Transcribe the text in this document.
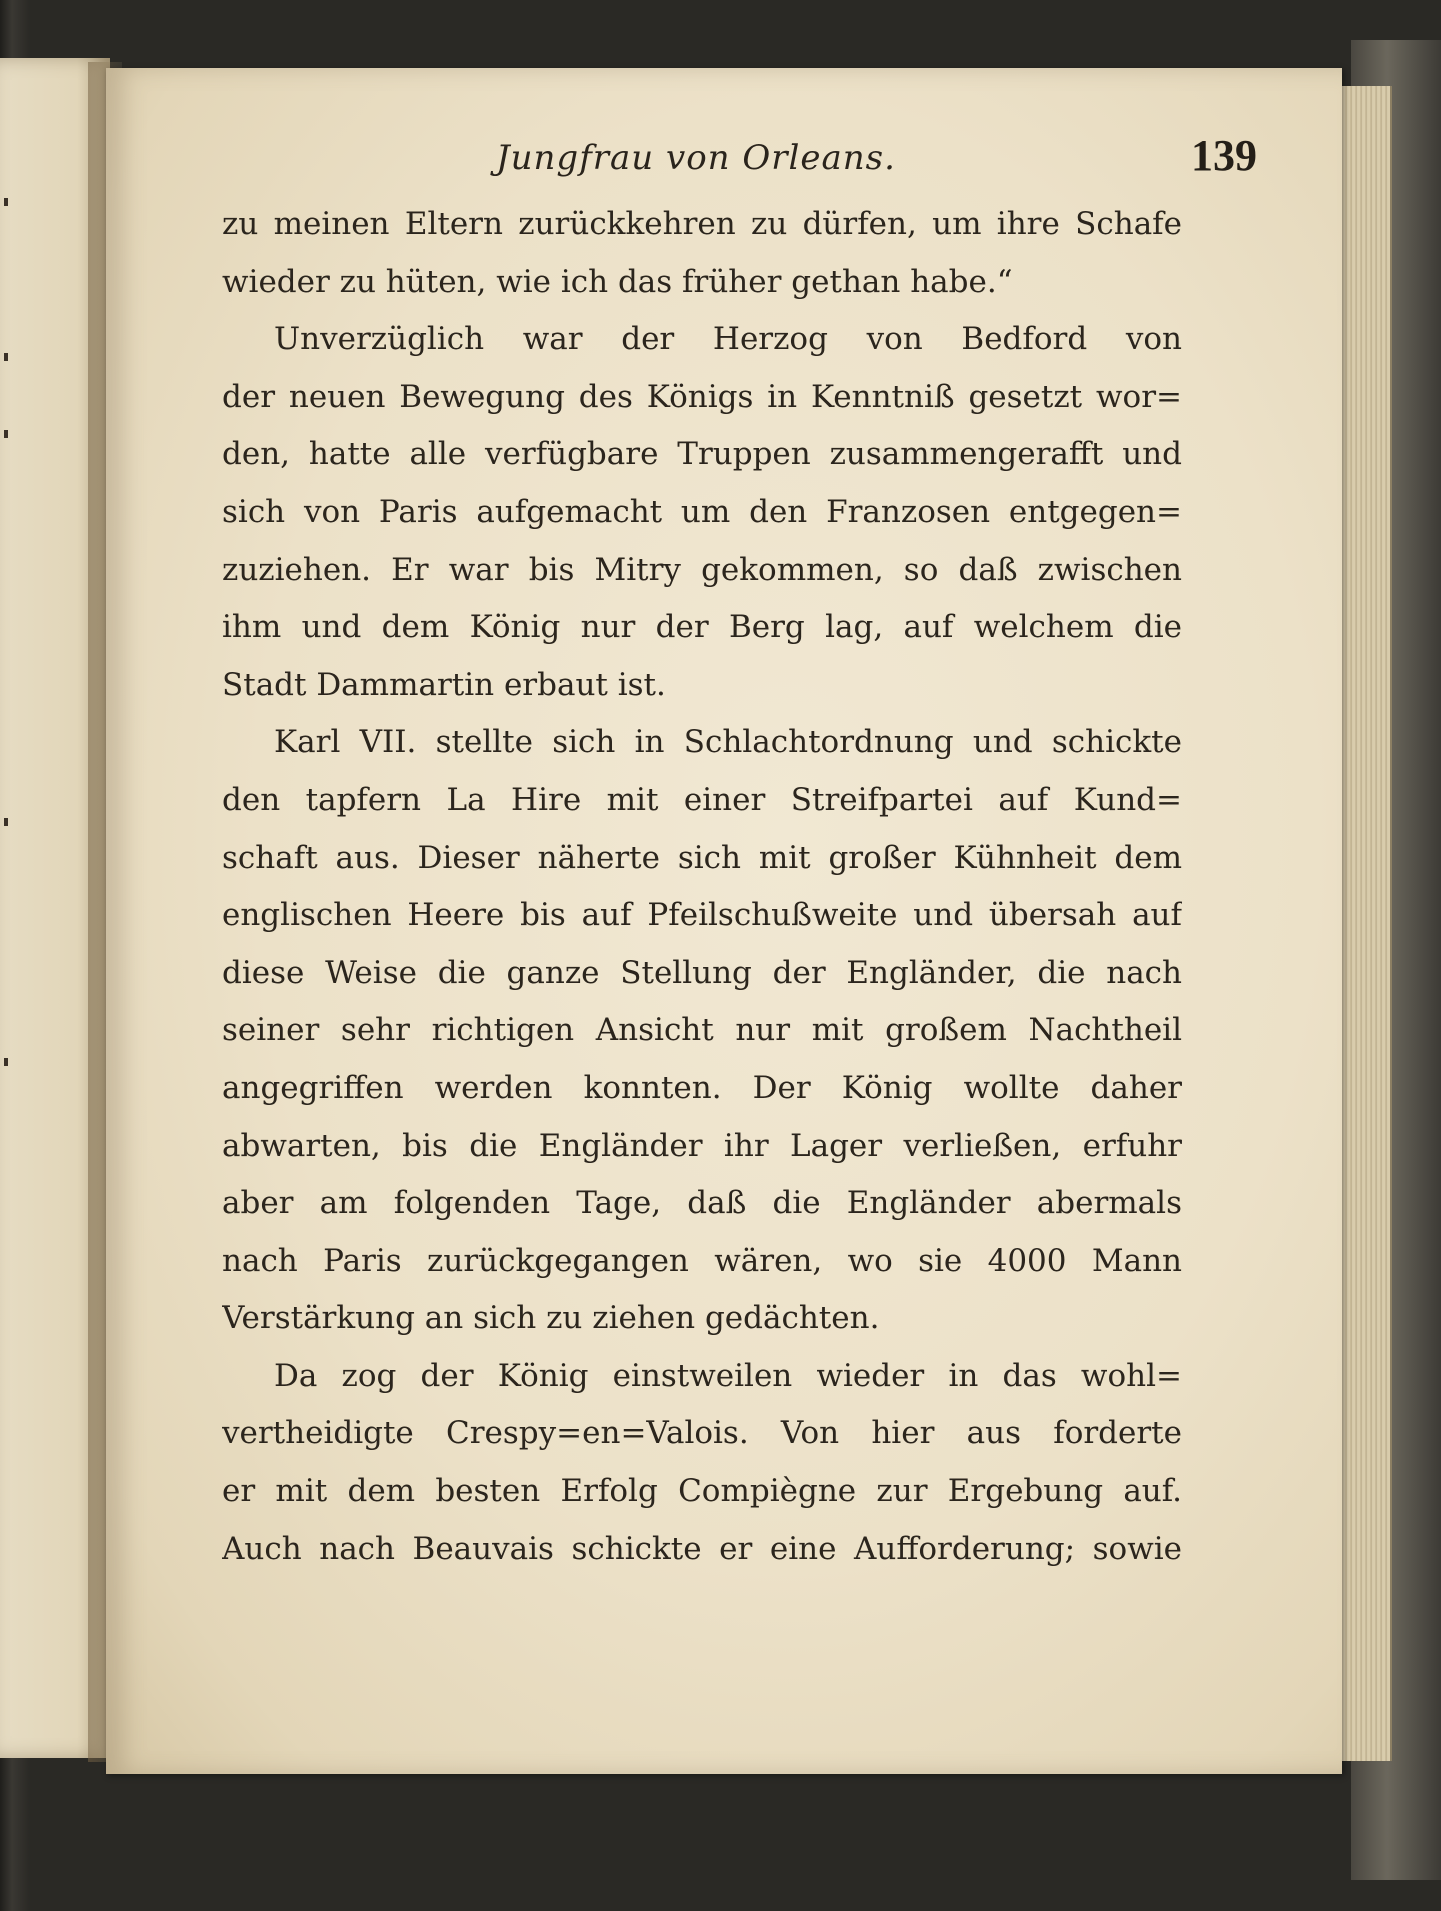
Jungfrau von Orleans.	139
zu meinen Eltern zurückkehren zu dürfen, um ihre Schafe
wieder zu hüten, wie ich das früher gethan habe.“
Unverzüglich war der Herzog von Bedford von
der neuen Bewegung des Königs in Kenntniß gesetzt wor=
den, hatte alle verfügbare Truppen zusammengerafft und
sich von Paris aufgemacht um den Franzosen entgegen=
zuziehen. Er war bis Mitry gekommen, so daß zwischen
ihm und dem König nur der Berg lag, auf welchem die
Stadt Dammartin erbaut ist.
Karl VII. stellte sich in Schlachtordnung und schickte
den tapfern La Hire mit einer Streifpartei auf Kund=
schaft aus. Dieser näherte sich mit großer Kühnheit dem
englischen Heere bis auf Pfeilschußweite und übersah auf
diese Weise die ganze Stellung der Engländer, die nach
seiner sehr richtigen Ansicht nur mit großem Nachtheil
angegriffen werden konnten. Der König wollte daher
abwarten, bis die Engländer ihr Lager verließen, erfuhr
aber am folgenden Tage, daß die Engländer abermals
nach Paris zurückgegangen wären, wo sie 4000 Mann
Verstärkung an sich zu ziehen gedächten.
Da zog der König einstweilen wieder in das wohl=
vertheidigte Crespy=en=Valois. Von hier aus forderte
er mit dem besten Erfolg Compiègne zur Ergebung auf.
Auch nach Beauvais schickte er eine Aufforderung; sowie
